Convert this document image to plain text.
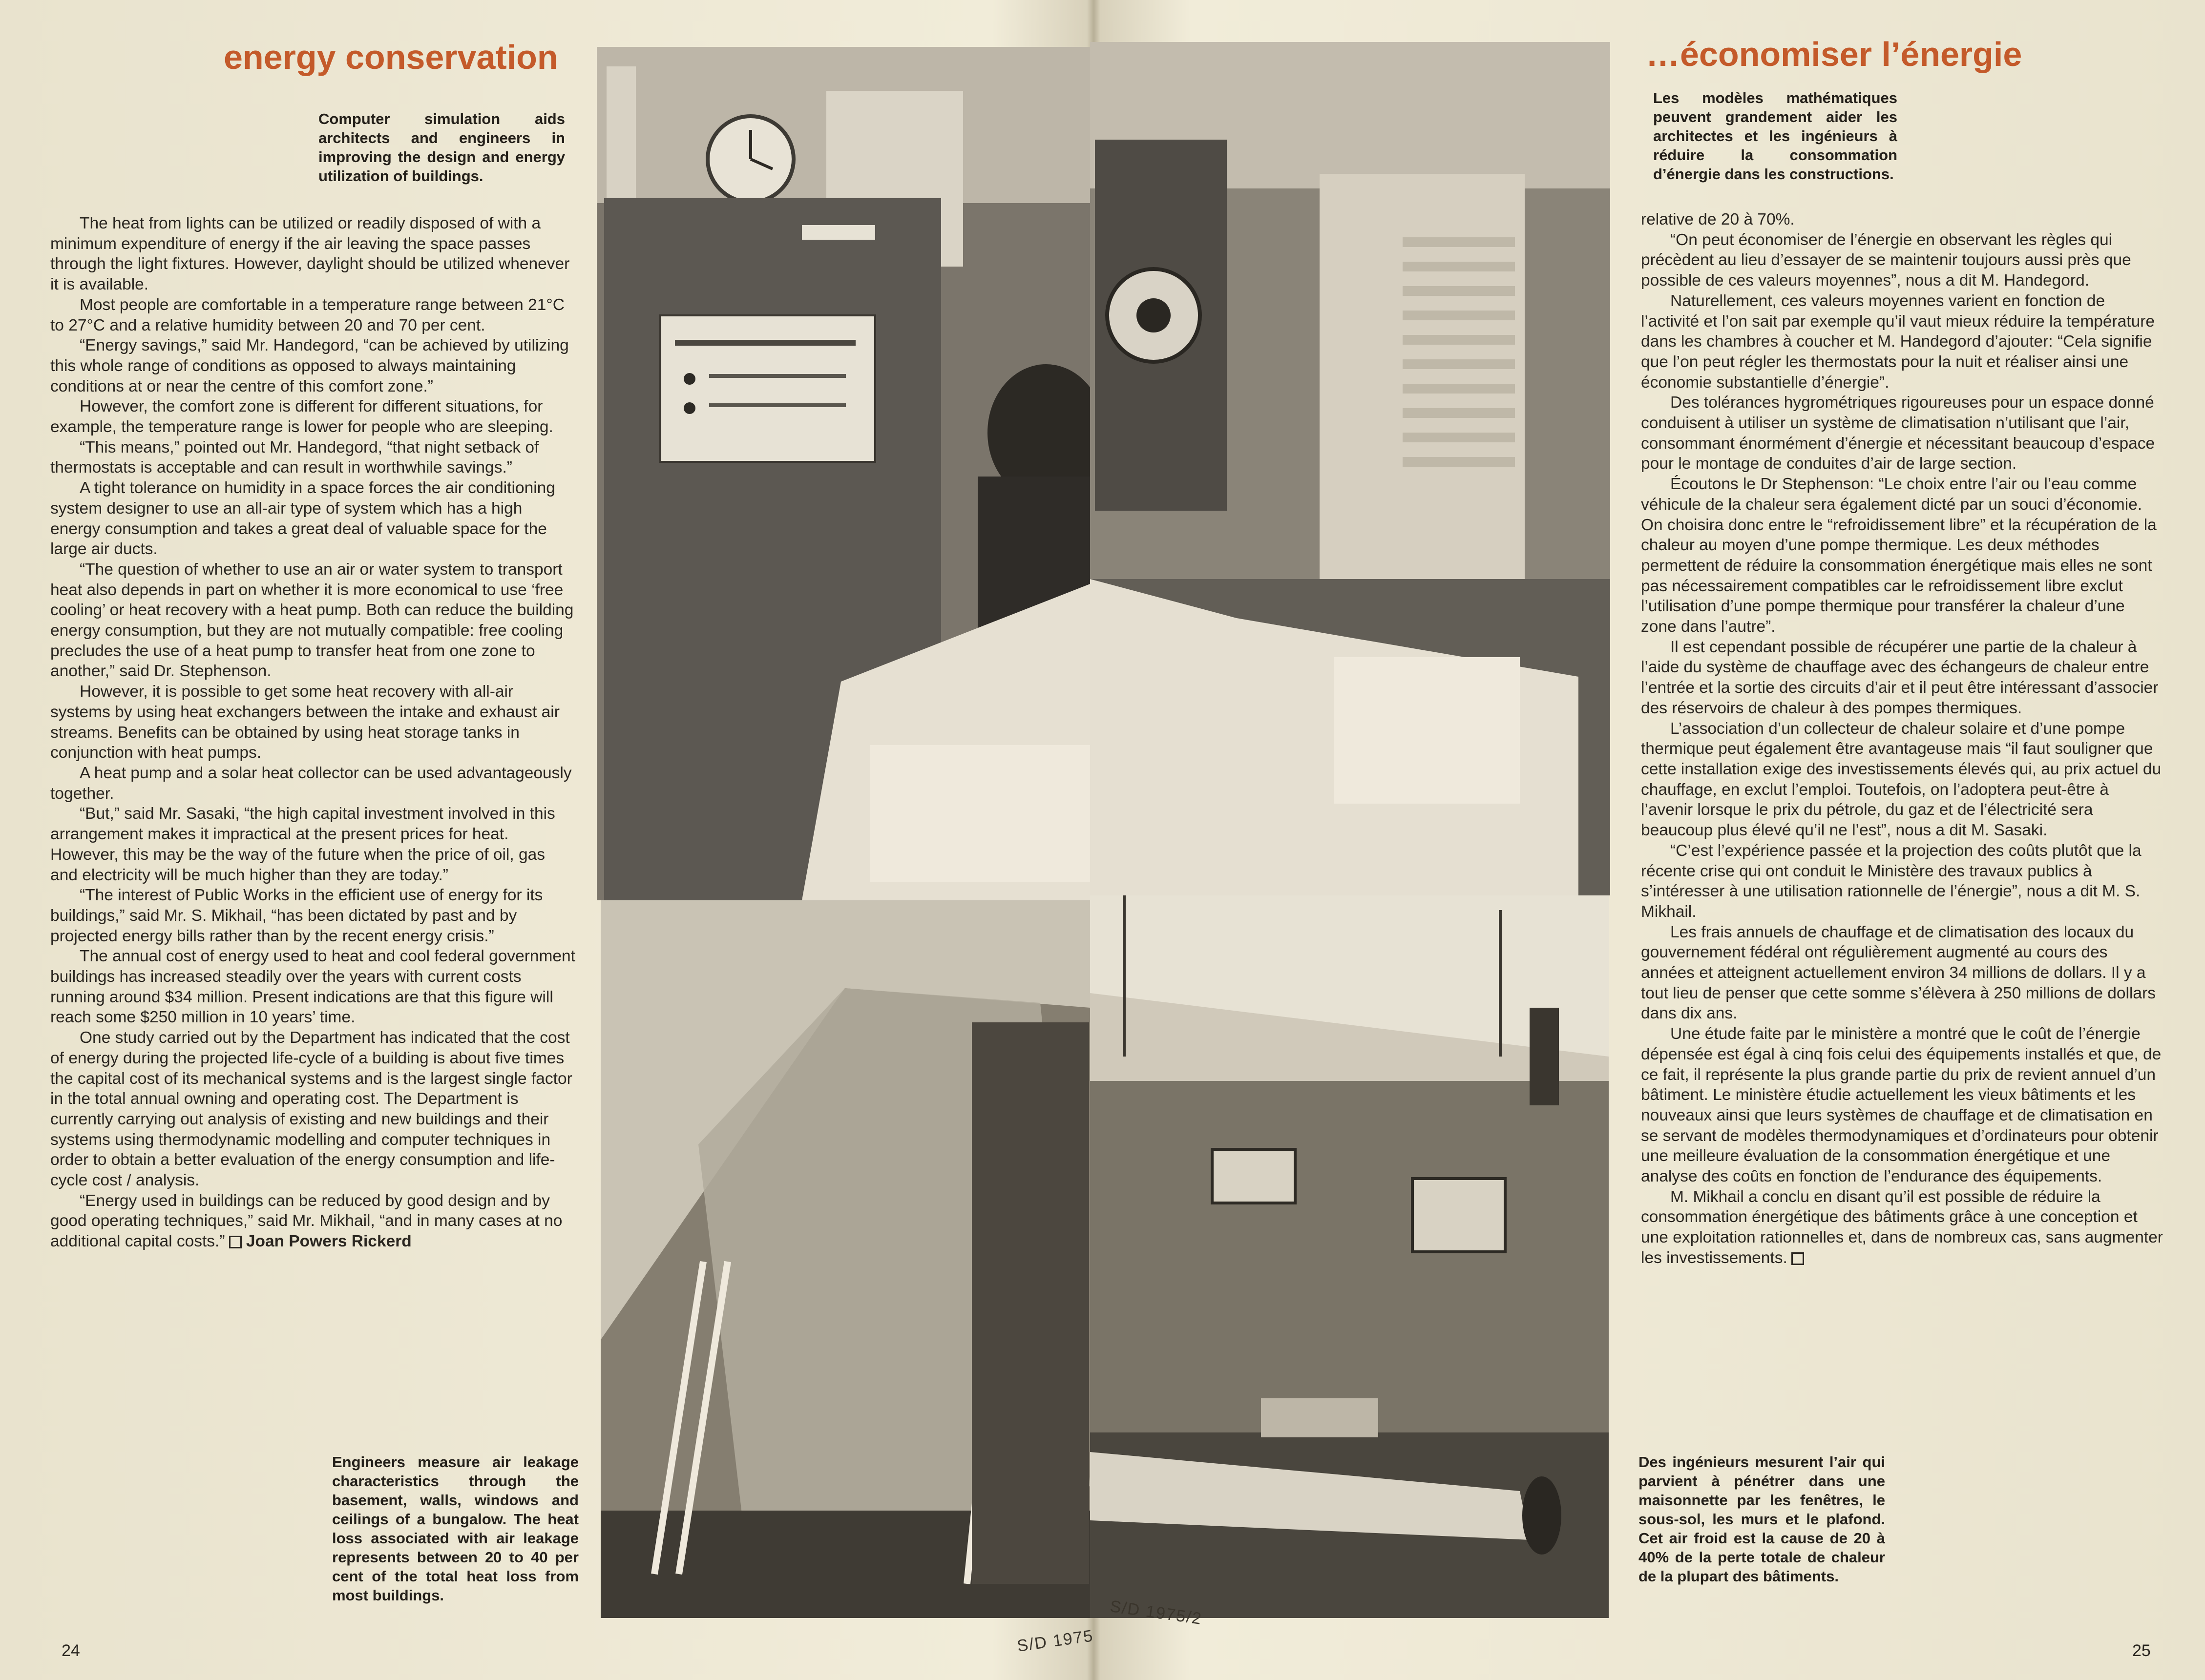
energy conservation
Computer simulation aids architects and engineers in improving the design and energy utilization of buildings.

The heat from lights can be utilized or readily disposed of with a minimum expenditure of energy if the air leaving the space passes through the light fixtures. However, daylight should be utilized whenever it is available.

Most people are comfortable in a temperature range between 21°C to 27°C and a relative humidity between 20 and 70 per cent.

“Energy savings,” said Mr. Handegord, “can be achieved by utilizing this whole range of conditions as opposed to always maintaining conditions at or near the centre of this comfort zone.”

However, the comfort zone is different for different situations, for example, the temperature range is lower for people who are sleeping.

“This means,” pointed out Mr. Handegord, “that night setback of thermostats is acceptable and can result in worthwhile savings.”

A tight tolerance on humidity in a space forces the air conditioning system designer to use an all-air type of system which has a high energy consumption and takes a great deal of valuable space for the large air ducts.

“The question of whether to use an air or water system to transport heat also depends in part on whether it is more economical to use ‘free cooling’ or heat recovery with a heat pump. Both can reduce the building energy consumption, but they are not mutually compatible: free cooling precludes the use of a heat pump to transfer heat from one zone to another,” said Dr. Stephenson.

However, it is possible to get some heat recovery with all-air systems by using heat exchangers between the intake and exhaust air streams. Benefits can be obtained by using heat storage tanks in conjunction with heat pumps.

A heat pump and a solar heat collector can be used advantageously together.

“But,” said Mr. Sasaki, “the high capital investment involved in this arrangement makes it impractical at the present prices for heat. However, this may be the way of the future when the price of oil, gas and electricity will be much higher than they are today.”

“The interest of Public Works in the efficient use of energy for its buildings,” said Mr. S. Mikhail, “has been dictated by past and by projected energy bills rather than by the recent energy crisis.”

The annual cost of energy used to heat and cool federal government buildings has increased steadily over the years with current costs running around $34 million. Present indications are that this figure will reach some $250 million in 10 years’ time.

One study carried out by the Department has indicated that the cost of energy during the projected life-cycle of a building is about five times the capital cost of its mechanical systems and is the largest single factor in the total annual owning and operating cost. The Department is currently carrying out analysis of existing and new buildings and their systems using thermodynamic modelling and computer techniques in order to obtain a better evaluation of the energy consumption and life-cycle cost / analysis.

“Energy used in buildings can be reduced by good design and by good operating techniques,” said Mr. Mikhail, “and in many cases at no additional capital costs.” Joan Powers Rickerd

Engineers measure air leakage characteristics through the basement, walls, windows and ceilings of a bungalow. The heat loss associated with air leakage represents between 20 to 40 per cent of the total heat loss from most buildings.
24	S/D 1975
…économiser l’énergie
Les modèles mathématiques peuvent grandement aider les architectes et les ingénieurs à réduire la consommation d’énergie dans les constructions.

relative de 20 à 70%.

“On peut économiser de l’énergie en observant les règles qui précèdent au lieu d’essayer de se maintenir toujours aussi près que possible de ces valeurs moyennes”, nous a dit M. Handegord.

Naturellement, ces valeurs moyennes varient en fonction de l’activité et l’on sait par exemple qu’il vaut mieux réduire la température dans les chambres à coucher et M. Handegord d’ajouter: “Cela signifie que l’on peut régler les thermostats pour la nuit et réaliser ainsi une économie substantielle d’énergie”.

Des tolérances hygrométriques rigoureuses pour un espace donné conduisent à utiliser un système de climatisation n’utilisant que l’air, consommant énormément d’énergie et nécessitant beaucoup d’espace pour le montage de conduites d’air de large section.

Écoutons le Dr Stephenson: “Le choix entre l’air ou l’eau comme véhicule de la chaleur sera également dicté par un souci d’économie. On choisira donc entre le “refroidissement libre” et la récupération de la chaleur au moyen d’une pompe thermique. Les deux méthodes permettent de réduire la consommation énergétique mais elles ne sont pas nécessairement compatibles car le refroidissement libre exclut l’utilisation d’une pompe thermique pour transférer la chaleur d’une zone dans l’autre”.

Il est cependant possible de récupérer une partie de la chaleur à l’aide du système de chauffage avec des échangeurs de chaleur entre l’entrée et la sortie des circuits d’air et il peut être intéressant d’associer des réservoirs de chaleur à des pompes thermiques.

L’association d’un collecteur de chaleur solaire et d’une pompe thermique peut également être avantageuse mais “il faut souligner que cette installation exige des investissements élevés qui, au prix actuel du chauffage, en exclut l’emploi. Toutefois, on l’adoptera peut-être à l’avenir lorsque le prix du pétrole, du gaz et de l’électricité sera beaucoup plus élevé qu’il ne l’est”, nous a dit M. Sasaki.

“C’est l’expérience passée et la projection des coûts plutôt que la récente crise qui ont conduit le Ministère des travaux publics à s’intéresser à une utilisation rationnelle de l’énergie”, nous a dit M. S. Mikhail.

Les frais annuels de chauffage et de climatisation des locaux du gouvernement fédéral ont régulièrement augmenté au cours des années et atteignent actuellement environ 34 millions de dollars. Il y a tout lieu de penser que cette somme s’élèvera à 250 millions de dollars dans dix ans.

Une étude faite par le ministère a montré que le coût de l’énergie dépensée est égal à cinq fois celui des équipements installés et que, de ce fait, il représente la plus grande partie du prix de revient annuel d’un bâtiment. Le ministère étudie actuellement les vieux bâtiments et les nouveaux ainsi que leurs systèmes de chauffage et de climatisation en se servant de modèles thermodynamiques et d’ordinateurs pour obtenir une meilleure évaluation de la consommation énergétique et une analyse des coûts en fonction de l’endurance des équipements.

M. Mikhail a conclu en disant qu’il est possible de réduire la consommation énergétique des bâtiments grâce à une conception et une exploitation rationnelles et, dans de nombreux cas, sans augmenter les investissements.

Des ingénieurs mesurent l’air qui parvient à pénétrer dans une maisonnette par les fenêtres, le sous-sol, les murs et le plafond. Cet air froid est la cause de 20 à 40% de la perte totale de chaleur de la plupart des bâtiments.
25
S/D 1975/2
